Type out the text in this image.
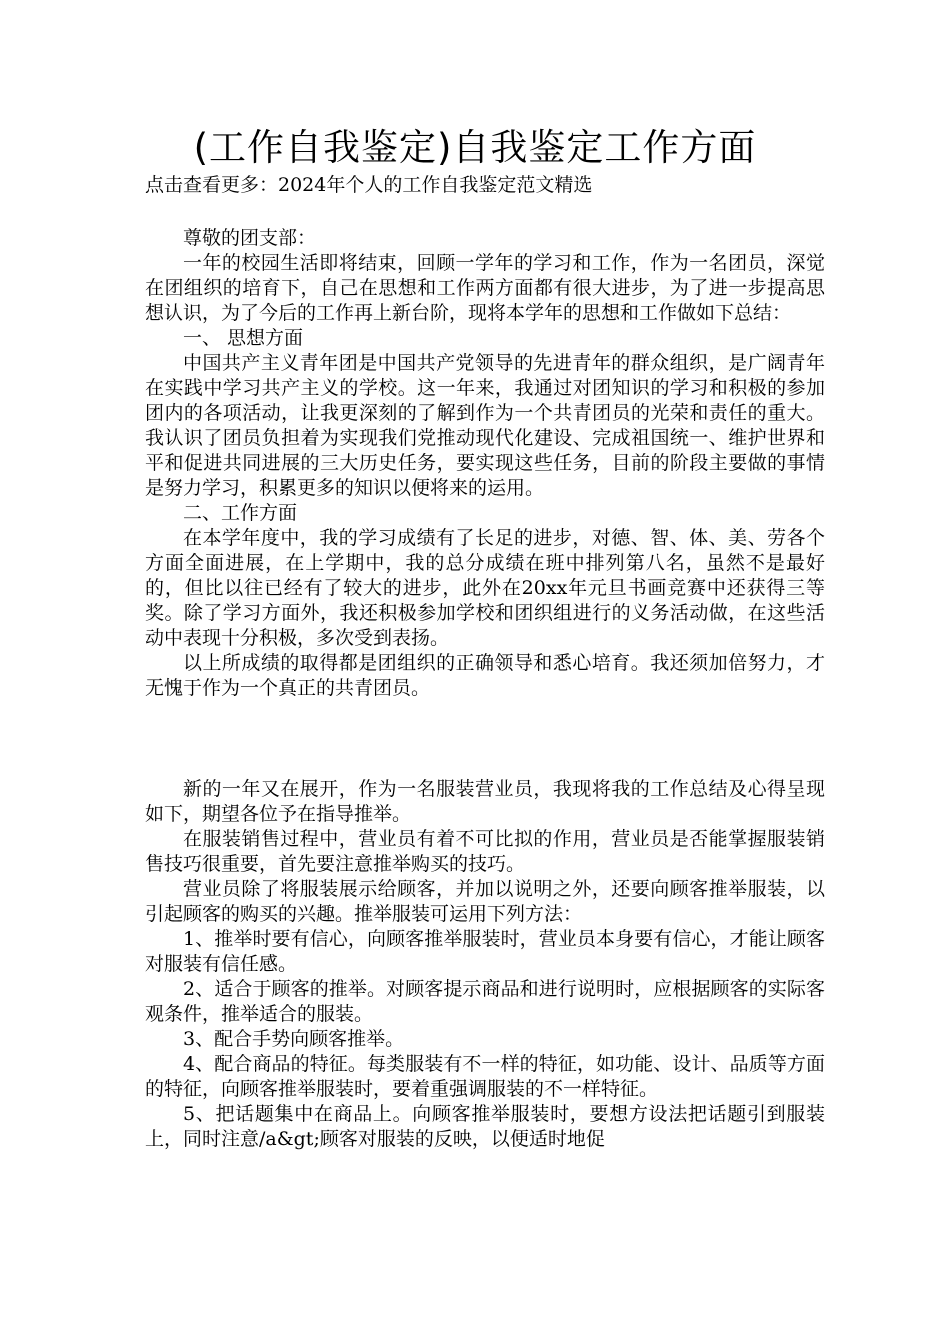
(工作自我鉴定)自我鉴定工作方面
点击查看更多：2024年个人的工作自我鉴定范文精选

尊敬的团支部：

一年的校园生活即将结束，回顾一学年的学习和工作，作为一名团员，深觉在团组织的培育下，自己在思想和工作两方面都有很大进步，为了进一步提高思想认识，为了今后的工作再上新台阶，现将本学年的思想和工作做如下总结：

一、 思想方面

中国共产主义青年团是中国共产党领导的先进青年的群众组织，是广阔青年在实践中学习共产主义的学校。这一年来，我通过对团知识的学习和积极的参加团内的各项活动，让我更深刻的了解到作为一个共青团员的光荣和责任的重大。我认识了团员负担着为实现我们党推动现代化建设、完成祖国统一、维护世界和平和促进共同进展的三大历史任务，要实现这些任务，目前的阶段主要做的事情是努力学习，积累更多的知识以便将来的运用。

二、工作方面

在本学年度中，我的学习成绩有了长足的进步，对德、智、体、美、劳各个方面全面进展，在上学期中，我的总分成绩在班中排列第八名，虽然不是最好的，但比以往已经有了较大的进步，此外在20xx年元旦书画竞赛中还获得三等奖。除了学习方面外，我还积极参加学校和团织组进行的义务活动做，在这些活动中表现十分积极，多次受到表扬。

以上所成绩的取得都是团组织的正确领导和悉心培育。我还须加倍努力，才无愧于作为一个真正的共青团员。

新的一年又在展开，作为一名服装营业员，我现将我的工作总结及心得呈现如下，期望各位予在指导推举。

在服装销售过程中，营业员有着不可比拟的作用，营业员是否能掌握服装销售技巧很重要，首先要注意推举购买的技巧。

营业员除了将服装展示给顾客，并加以说明之外，还要向顾客推举服装，以引起顾客的购买的兴趣。推举服装可运用下列方法：

1、推举时要有信心，向顾客推举服装时，营业员本身要有信心，才能让顾客对服装有信任感。

2、适合于顾客的推举。对顾客提示商品和进行说明时，应根据顾客的实际客观条件，推举适合的服装。

3、配合手势向顾客推举。

4、配合商品的特征。每类服装有不一样的特征，如功能、设计、品质等方面的特征，向顾客推举服装时，要着重强调服装的不一样特征。

5、把话题集中在商品上。向顾客推举服装时，要想方设法把话题引到服装上，同时注意/a&gt;顾客对服装的反映，以便适时地促
